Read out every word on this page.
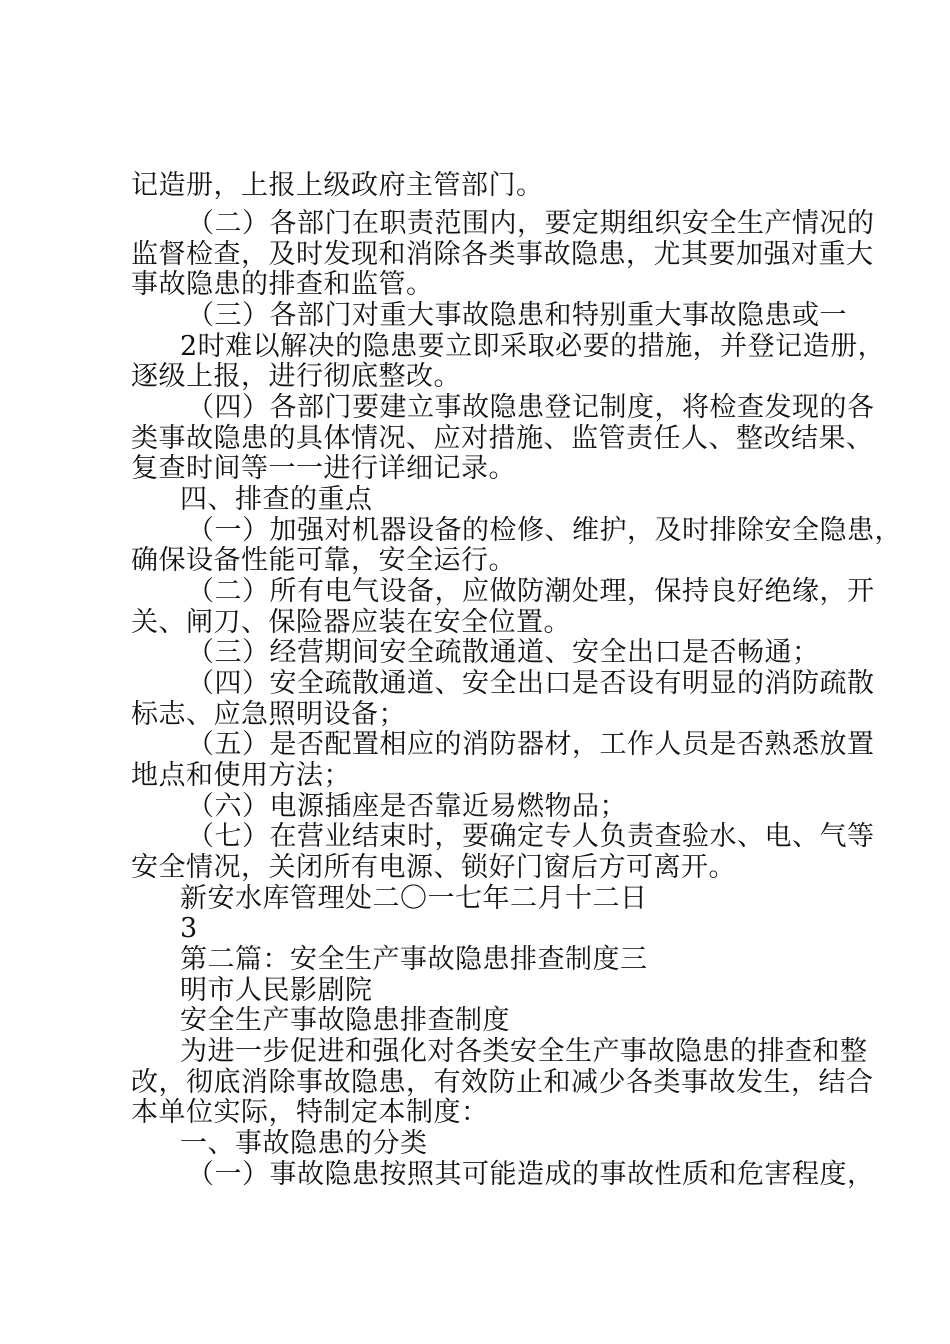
记造册，上报上级政府主管部门。
（二）各部门在职责范围内，要定期组织安全生产情况的
监督检查，及时发现和消除各类事故隐患，尤其要加强对重大
事故隐患的排查和监管。
（三）各部门对重大事故隐患和特别重大事故隐患或一
2时难以解决的隐患要立即采取必要的措施，并登记造册，
逐级上报，进行彻底整改。
（四）各部门要建立事故隐患登记制度，将检查发现的各
类事故隐患的具体情况、应对措施、监管责任人、整改结果、
复查时间等一一进行详细记录。
四、排查的重点
（一）加强对机器设备的检修、维护，及时排除安全隐患，
确保设备性能可靠，安全运行。
（二）所有电气设备，应做防潮处理，保持良好绝缘，开
关、闸刀、保险器应装在安全位置。
（三）经营期间安全疏散通道、安全出口是否畅通；
（四）安全疏散通道、安全出口是否设有明显的消防疏散
标志、应急照明设备；
（五）是否配置相应的消防器材，工作人员是否熟悉放置
地点和使用方法；
（六）电源插座是否靠近易燃物品；
（七）在营业结束时，要确定专人负责查验水、电、气等
安全情况，关闭所有电源、锁好门窗后方可离开。
新安水库管理处二〇一七年二月十二日
3
第二篇：安全生产事故隐患排查制度三
明市人民影剧院
安全生产事故隐患排查制度
为进一步促进和强化对各类安全生产事故隐患的排查和整
改，彻底消除事故隐患，有效防止和减少各类事故发生，结合
本单位实际，特制定本制度：
一、事故隐患的分类
（一）事故隐患按照其可能造成的事故性质和危害程度，
